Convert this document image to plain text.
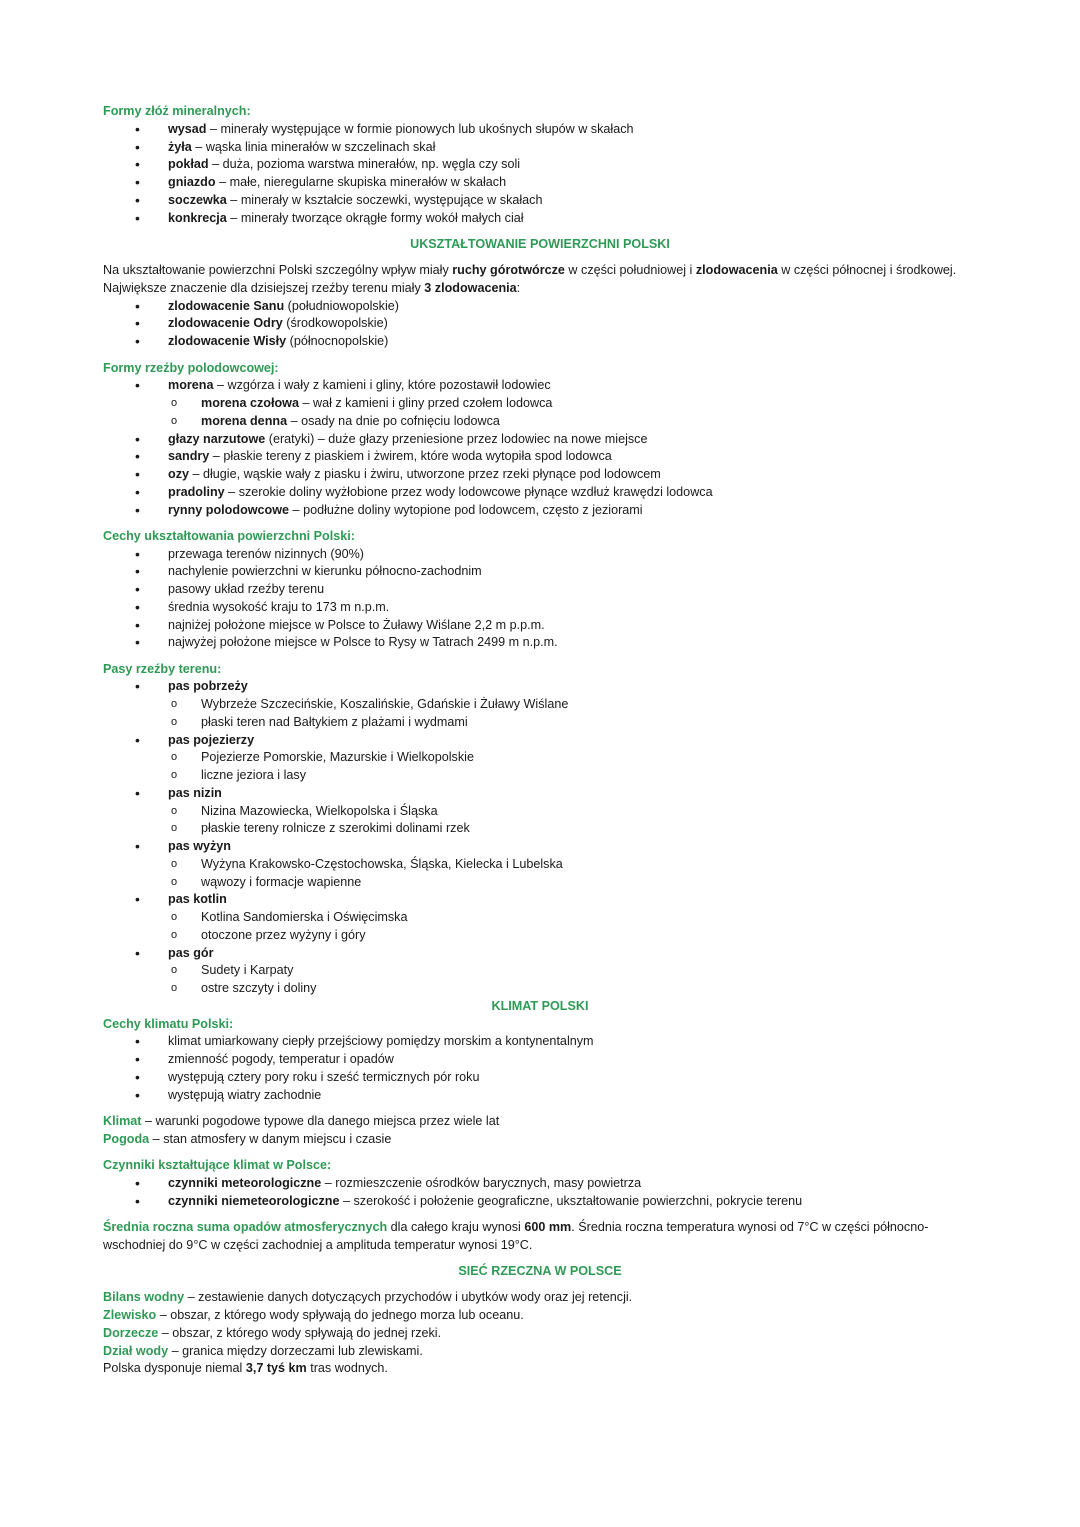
Formy złóż mineralnych:
• wysad – minerały występujące w formie pionowych lub ukośnych słupów w skałach
• żyła – wąska linia minerałów w szczelinach skał
• pokład – duża, pozioma warstwa minerałów, np. węgla czy soli
• gniazdo – małe, nieregularne skupiska minerałów w skałach
• soczewka – minerały w kształcie soczewki, występujące w skałach
• konkrecja – minerały tworzące okrągłe formy wokół małych ciał
UKSZTAŁTOWANIE POWIERZCHNI POLSKI
Na ukształtowanie powierzchni Polski szczególny wpływ miały ruchy górotwórcze w części południowej i zlodowacenia w części północnej i środkowej. Największe znaczenie dla dzisiejszej rzeźby terenu miały 3 zlodowacenia:
• zlodowacenie Sanu (południowopolskie)
• zlodowacenie Odry (środkowopolskie)
• zlodowacenie Wisły (północnopolskie)
Formy rzeźby polodowcowej:
• morena – wzgórza i wały z kamieni i gliny, które pozostawił lodowiec
o morena czołowa – wał z kamieni i gliny przed czołem lodowca
o morena denna – osady na dnie po cofnięciu lodowca
• głazy narzutowe (eratyki) – duże głazy przeniesione przez lodowiec na nowe miejsce
• sandry – płaskie tereny z piaskiem i żwirem, które woda wytopiła spod lodowca
• ozy – długie, wąskie wały z piasku i żwiru, utworzone przez rzeki płynące pod lodowcem
• pradoliny – szerokie doliny wyżłobione przez wody lodowcowe płynące wzdłuż krawędzi lodowca
• rynny polodowcowe – podłużne doliny wytopione pod lodowcem, często z jeziorami
Cechy ukształtowania powierzchni Polski:
• przewaga terenów nizinnych (90%)
• nachylenie powierzchni w kierunku północno-zachodnim
• pasowy układ rzeźby terenu
• średnia wysokość kraju to 173 m n.p.m.
• najniżej położone miejsce w Polsce to Żuławy Wiślane 2,2 m p.p.m.
• najwyżej położone miejsce w Polsce to Rysy w Tatrach 2499 m n.p.m.
Pasy rzeźby terenu:
• pas pobrzeży
o Wybrzeże Szczecińskie, Koszalińskie, Gdańskie i Żuławy Wiślane
o płaski teren nad Bałtykiem z plażami i wydmami
• pas pojezierzy
o Pojezierze Pomorskie, Mazurskie i Wielkopolskie
o liczne jeziora i lasy
• pas nizin
o Nizina Mazowiecka, Wielkopolska i Śląska
o płaskie tereny rolnicze z szerokimi dolinami rzek
• pas wyżyn
o Wyżyna Krakowsko-Częstochowska, Śląska, Kielecka i Lubelska
o wąwozy i formacje wapienne
• pas kotlin
o Kotlina Sandomierska i Oświęcimska
o otoczone przez wyżyny i góry
• pas gór
o Sudety i Karpaty
o ostre szczyty i doliny
KLIMAT POLSKI
Cechy klimatu Polski:
• klimat umiarkowany ciepły przejściowy pomiędzy morskim a kontynentalnym
• zmienność pogody, temperatur i opadów
• występują cztery pory roku i sześć termicznych pór roku
• występują wiatry zachodnie
Klimat – warunki pogodowe typowe dla danego miejsca przez wiele lat
Pogoda – stan atmosfery w danym miejscu i czasie
Czynniki kształtujące klimat w Polsce:
• czynniki meteorologiczne – rozmieszczenie ośrodków barycznych, masy powietrza
• czynniki niemeteorologiczne – szerokość i położenie geograficzne, ukształtowanie powierzchni, pokrycie terenu
Średnia roczna suma opadów atmosferycznych dla całego kraju wynosi 600 mm. Średnia roczna temperatura wynosi od 7°C w części północno-wschodniej do 9°C w części zachodniej a amplituda temperatur wynosi 19°C.
SIEĆ RZECZNA W POLSCE
Bilans wodny – zestawienie danych dotyczących przychodów i ubytków wody oraz jej retencji.
Zlewisko – obszar, z którego wody spływają do jednego morza lub oceanu.
Dorzecze – obszar, z którego wody spływają do jednej rzeki.
Dział wody – granica między dorzeczami lub zlewiskami.
Polska dysponuje niemal 3,7 tyś km tras wodnych.
